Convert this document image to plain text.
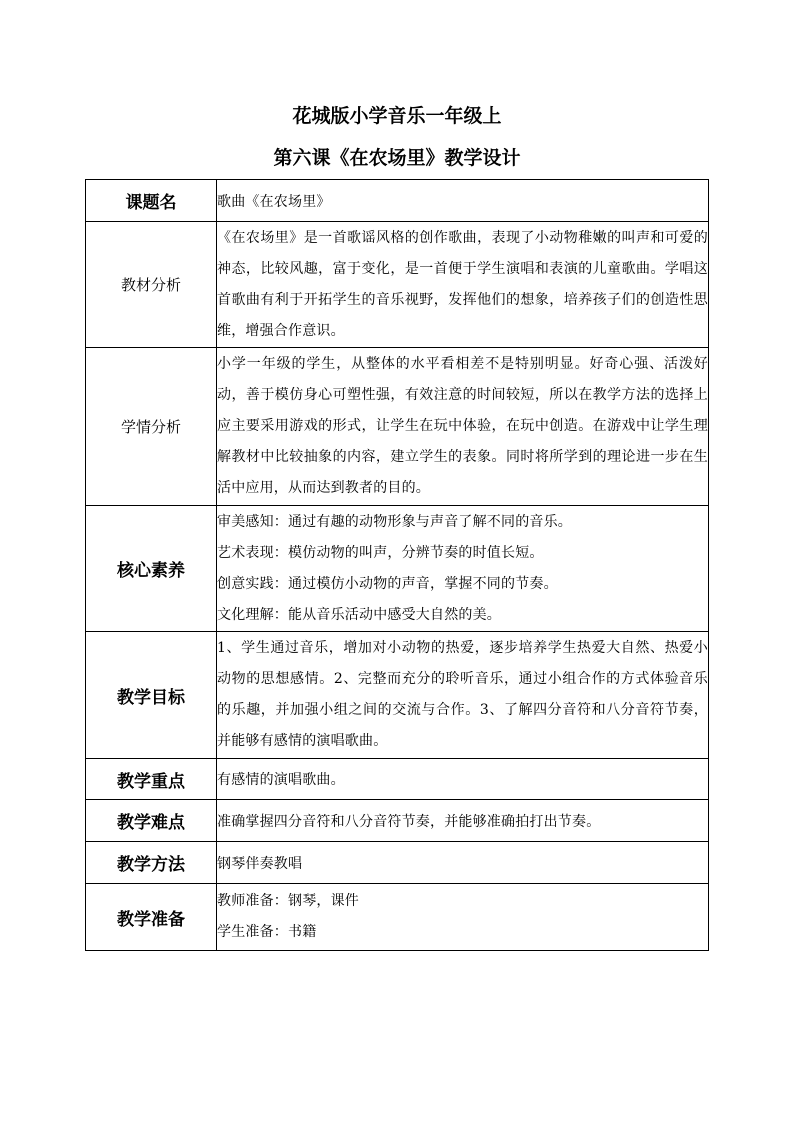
花城版小学音乐一年级上
第六课《在农场里》教学设计
课题名	歌曲《在农场里》
教材分析	《在农场里》是一首歌谣风格的创作歌曲，表现了小动物稚嫩的叫声和可爱的神态，比较风趣，富于变化，是一首便于学生演唱和表演的儿童歌曲。学唱这首歌曲有利于开拓学生的音乐视野，发挥他们的想象，培养孩子们的创造性思维，增强合作意识。

学情分析	小学一年级的学生，从整体的水平看相差不是特别明显。好奇心强、活泼好动，善于模仿身心可塑性强，有效注意的时间较短，所以在教学方法的选择上应主要采用游戏的形式，让学生在玩中体验，在玩中创造。在游戏中让学生理解教材中比较抽象的内容，建立学生的表象。同时将所学到的理论进一步在生活中应用，从而达到教者的目的。

核心素养	审美感知：通过有趣的动物形象与声音了解不同的音乐。
艺术表现：模仿动物的叫声，分辨节奏的时值长短。
创意实践：通过模仿小动物的声音，掌握不同的节奏。
文化理解：能从音乐活动中感受大自然的美。

教学目标	1、学生通过音乐，增加对小动物的热爱，逐步培养学生热爱大自然、热爱小动物的思想感情。2、完整而充分的聆听音乐，通过小组合作的方式体验音乐的乐趣，并加强小组之间的交流与合作。3、了解四分音符和八分音符节奏，并能够有感情的演唱歌曲。

教学重点	有感情的演唱歌曲。
教学难点	准确掌握四分音符和八分音符节奏，并能够准确拍打出节奏。
教学方法	钢琴伴奏教唱
教学准备	教师准备：钢琴，课件
学生准备：书籍
